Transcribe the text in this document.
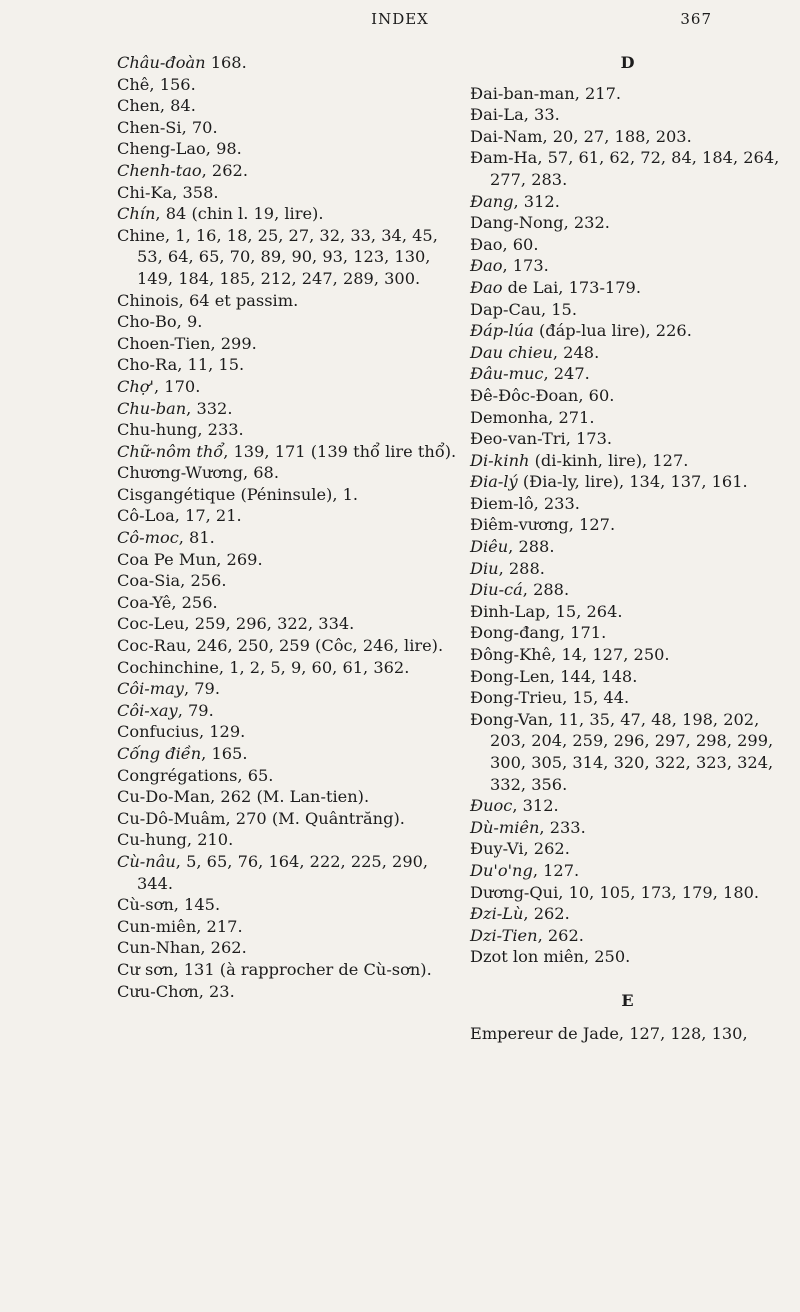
INDEX	367

Châu-đoàn 168.

Chê, 156.

Chen, 84.

Chen-Si, 70.

Cheng-Lao, 98.

Chenh-tao, 262.

Chi-Ka, 358.

Chín, 84 (chin l. 19, lire).

Chine, 1, 16, 18, 25, 27, 32, 33, 34, 45, 53, 64, 65, 70, 89, 90, 93, 123, 130, 149, 184, 185, 212, 247, 289, 300.

Chinois, 64 et passim.

Cho-Bo, 9.

Choen-Tien, 299.

Cho-Ra, 11, 15.

Chợ', 170.

Chu-ban, 332.

Chu-hung, 233.

Chữ-nôm thổ, 139, 171 (139 thổ lire thổ).

Chương-Wương, 68.

Cisgangétique (Péninsule), 1.

Cô-Loa, 17, 21.

Cô-moc, 81.

Coa Pe Mun, 269.

Coa-Sia, 256.

Coa-Yê, 256.

Coc-Leu, 259, 296, 322, 334.

Coc-Rau, 246, 250, 259 (Côc, 246, lire).

Cochinchine, 1, 2, 5, 9, 60, 61, 362.

Côi-may, 79.

Côi-xay, 79.

Confucius, 129.

Cống điền, 165.

Congrégations, 65.

Cu-Do-Man, 262 (M. Lan-tien).

Cu-Dô-Muâm, 270 (M. Quântrăng).

Cu-hung, 210.

Cù-nâu, 5, 65, 76, 164, 222, 225, 290, 344.

Cù-sơn, 145.

Cun-miên, 217.

Cun-Nhan, 262.

Cư sơn, 131 (à rapprocher de Cù-sơn).

Cưu-Chơn, 23.

D

Đai-ban-man, 217.

Đai-La, 33.

Dai-Nam, 20, 27, 188, 203.

Đam-Ha, 57, 61, 62, 72, 84, 184, 264, 277, 283.

Đang, 312.

Dang-Nong, 232.

Đao, 60.

Đao, 173.

Đao de Lai, 173-179.

Dap-Cau, 15.

Đáp-lúa (đáp-lua lire), 226.

Dau chieu, 248.

Đâu-muc, 247.

Đê-Đôc-Đoan, 60.

Demonha, 271.

Đeo-van-Tri, 173.

Di-kinh (di-kinh, lire), 127.

Đia-lý (Đia-ly, lire), 134, 137, 161.

Điem-lô, 233.

Điêm-vương, 127.

Diêu, 288.

Diu, 288.

Diu-cá, 288.

Đinh-Lap, 15, 264.

Đong-đang, 171.

Đông-Khê, 14, 127, 250.

Đong-Len, 144, 148.

Đong-Trieu, 15, 44.

Đong-Van, 11, 35, 47, 48, 198, 202, 203, 204, 259, 296, 297, 298, 299, 300, 305, 314, 320, 322, 323, 324, 332, 356.

Đuoc, 312.

Dù-miên, 233.

Đuy-Vi, 262.

Du'o'ng, 127.

Dương-Qui, 10, 105, 173, 179, 180.

Đzi-Lù, 262.

Dzi-Tien, 262.

Dzot lon miên, 250.

E

Empereur de Jade, 127, 128, 130,
